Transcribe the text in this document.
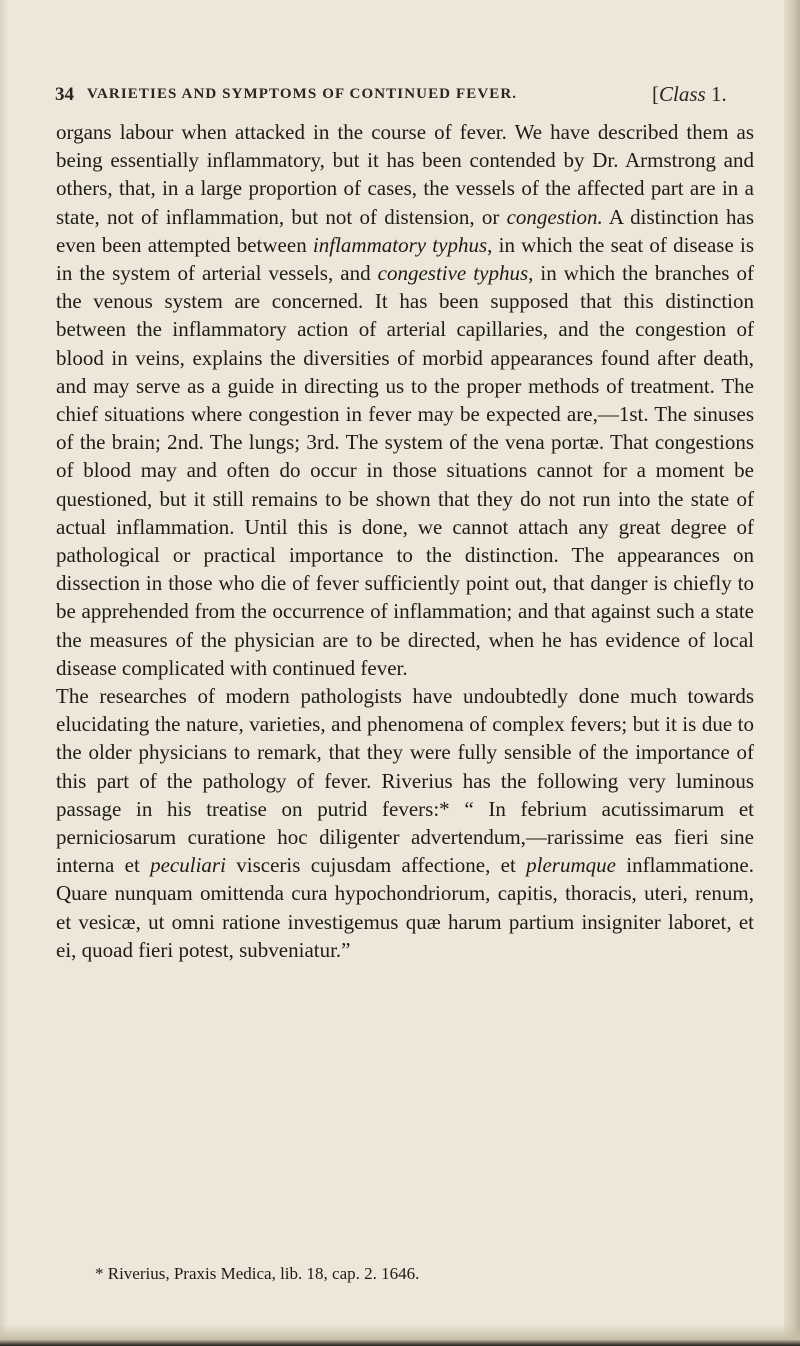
34 VARIETIES AND SYMPTOMS OF CONTINUED FEVER.	[Class 1.

organs labour when attacked in the course of fever. We have described them as being essentially inflammatory, but it has been contended by Dr. Armstrong and others, that, in a large proportion of cases, the vessels of the affected part are in a state, not of inflammation, but not of distension, or congestion. A distinction has even been attempted between inflammatory typhus, in which the seat of disease is in the system of arterial vessels, and congestive typhus, in which the branches of the venous system are concerned. It has been supposed that this distinction between the inflammatory action of arterial capillaries, and the congestion of blood in veins, explains the diversities of morbid appearances found after death, and may serve as a guide in directing us to the proper methods of treatment. The chief situations where congestion in fever may be expected are,—1st. The sinuses of the brain; 2nd. The lungs; 3rd. The system of the vena portæ. That congestions of blood may and often do occur in those situations cannot for a moment be questioned, but it still remains to be shown that they do not run into the state of actual inflammation. Until this is done, we cannot attach any great degree of pathological or practical importance to the distinction. The appearances on dissection in those who die of fever sufficiently point out, that danger is chiefly to be apprehended from the occurrence of inflammation; and that against such a state the measures of the physician are to be directed, when he has evidence of local disease complicated with continued fever.

The researches of modern pathologists have undoubtedly done much towards elucidating the nature, varieties, and phenomena of complex fevers; but it is due to the older physicians to remark, that they were fully sensible of the importance of this part of the pathology of fever. Riverius has the following very luminous passage in his treatise on putrid fevers:* “ In febrium acutissimarum et perniciosarum curatione hoc diligenter advertendum,—rarissime eas fieri sine interna et peculiari visceris cujusdam affectione, et plerumque inflammatione. Quare nunquam omittenda cura hypochondriorum, capitis, thoracis, uteri, renum, et vesicæ, ut omni ratione investigemus quæ harum partium insigniter laboret, et ei, quoad fieri potest, subveniatur.”

* Riverius, Praxis Medica, lib. 18, cap. 2. 1646.
